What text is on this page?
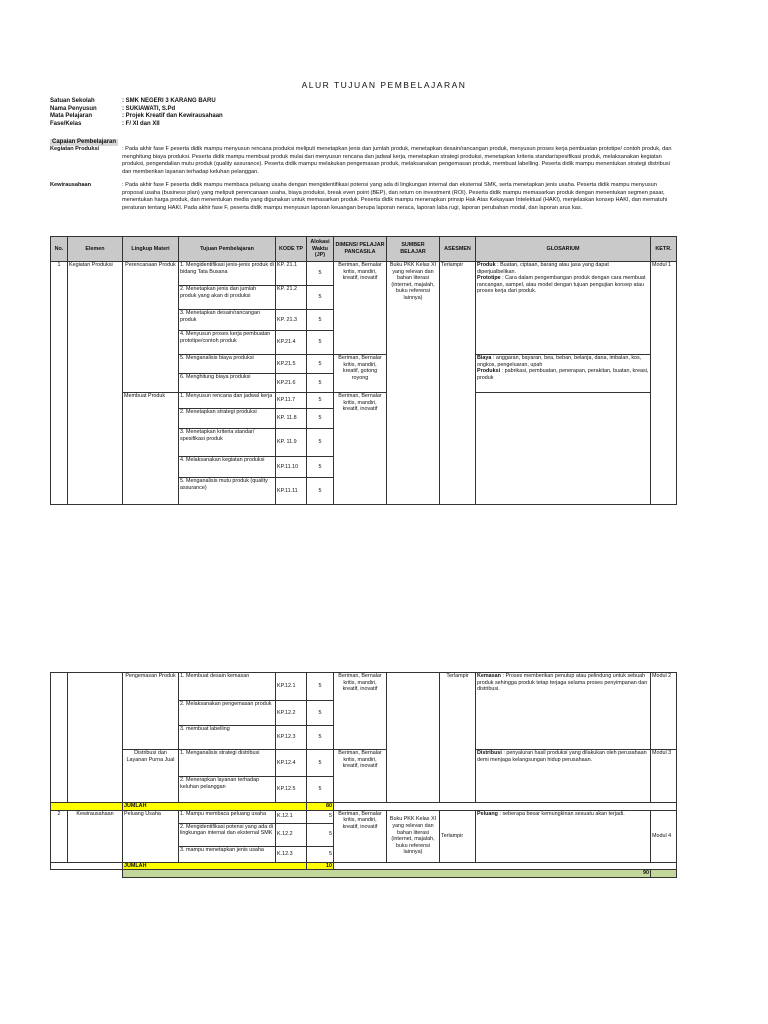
ALUR TUJUAN PEMBELAJARAN
Satuan Sekolah	: SMK NEGERI 3 KARANG BARU
Nama Penyusun	: SUKIAWATI, S.Pd
Mata Pelajaran	: Projek Kreatif dan Kewirausahaan
Fase/Kelas	: F/ XI dan XII
Capaian Pembelajaran
Kegiatan Produksi	: Pada akhir fase F peserta didik mampu menyusun rencana produksi meliputi menetapkan jenis dan jumlah produk, menetapkan desain/rancangan produk, menyusun proses kerja pembuatan prototipe/ contoh produk, dan menghitung biaya produksi. Peserta didik mampu membuat produk mulai dari menyusun rencana dan jadwal kerja, menetapkan strategi produksi, menetapkan kriteria standar/spesifikasi produk, melaksanakan kegiatan produksi, pengendalian mutu produk (quality assurance). Peserta didik mampu melakukan pengemasan produk, melaksanakan pengemasan produk, membuat labelling. Peserta didik mampu menentukan strategi distribusi dan memberikan layanan terhadap keluhan pelanggan.
Kewirausahaan	: Pada akhir fase F peserta didik mampu membaca peluang usaha dengan mengidentifikasi potensi yang ada di lingkungan internal dan eksternal SMK, serta menetapkan jenis usaha. Peserta didik mampu menyusun proposal usaha (business plan) yang meliputi perencanaan usaha, biaya produksi, break even point (BEP), dan return on investment (ROI). Peserta didik mampu memasarkan produk dengan menentukan segmen pasar, menentukan harga produk, dan menentukan media yang digunakan untuk memasarkan produk. Peserta didik mampu menerapkan prinsip Hak Atas Kekayaan Intelektual (HAKI), menjelaskan konsep HAKI, dan mematuhi peraturan tentang HAKI. Pada akhir fase F, peserta didik mampu menyusun laporan keuangan berupa laporan neraca, laporan laba rugi, laporan perubahan modal, dan laporan arus kas.
No.	Elemen	Lingkup Materi	Tujuan Pembelajaran	KODE TP	Alokasi Waktu (JP)	DIMENSI PELAJAR PANCASILA	SUMBER BELAJAR	ASESMEN	GLOSARIUM	KETR.
1	Kegiatan Produksi	Perencanaan Produk	1. Mengidentifikasi jenis-jenis produk di bidang Tata Busana	KP. 21.1	5	Beriman, Bernalar kritis, mandiri, kreatif, inovatif	Buku PKK Kelas XI yang relevan dan bahan literasi (internet, majalah, buku referensi lainnya)	Terlampir	Produk : Buatan, ciptaan, barang atau jasa yang dapat diperjualbelikan.
Prototipe : Cara dalam pengembangan produk dengan cara membuat rancangan, sampel, atau model dengan tujuan pengujian konsep atau proses kerja dari produk.	Modul 1
			2. Menetapkan jenis dan jumlah produk yang akan di produksi	KP. 21.2	5					
			3. Menetapkan desain/rancangan produk	KP. 21.3	5					
			4. Menyusun proses kerja pembuatan prototipe/contoh produk	KP.21.4	5					
			5. Menganalisis biaya produksi	KP.21.5	5	Beriman, Bernalar kritis, mandiri, kreatif, gotong royong			Biaya : anggaran, bayaran, bea, beban, belanja, dana, imbalan, kos, ongkos, pengeluaran, upah
Produksi : pabrikasi, pembuatan, penerapan, perakitan, buatan, kreasi, produk	
			6. Menghitung biaya produksi	KP.21.6	5					
		Membuat Produk	1. Menyusun rencana dan jadwal kerja	KP.11.7	5	Beriman, Bernalar kritis, mandiri, kreatif, inovatif				
			2. Menetapkan strategi produksi	KP. 11.8	5					
			3. Menetapkan kriteria standar/ spesifikasi produk	KP. 11.9	5					
			4. Melaksanakan kegiatan produksi	KP.11.10	5					
			5. Menganalisis mutu produk (quality assurance)	KP.11.11	5					
		Pengemasan Produk	1. Membuat desain kemasan	KP.12.1	5	Beriman, Bernalar kritis, mandiri, kreatif, inovatif		Terlampir	Kemasan : Proses memberikan penutup atau pelindung untuk sebuah produk sehingga produk tetap terjaga selama proses penyimpanan dan distribusi.	Modul 2
			2. Melaksanakan pengemasan produk	KP.12.2	5					
			3. membuat labelling	KP.12.3	5					
		Distribusi dan Layanan Purna Jual	1. Menganalisis strategi distribusi	KP.12.4	5	Beriman, Bernalar kritis, mandiri, kreatif, inovatif			Distribusi : penyaluran hasil produksi yang dilakukan oleh perusahaan demi menjaga kelangsungan hidup perusahaan.	Modul 3
			2. Menerapkan layanan terhadap keluhan pelanggan	KP.12.5	5					
		JUMLAH			80					
2	Kewirausahaan	Peluang Usaha	1. Mampu membaca peluang usaha	K.12.1	5	Beriman, Bernalar kritis, mandiri, kreatif, inovatif	Buku PKK Kelas XI yang relevan dan bahan literasi (internet, majalah, buku referensi lainnya)	Terlampir	Peluang : seberapa besar kemungkinan sesuatu akan terjadi.	Modul 4
			2. Mengidentifikasi potensi yang ada di lingkungan internal dan eksternal SMK	K.12.2	5					
			3. mampu menetapkan jenis usaha	K.12.3	5					
		JUMLAH			10					
		90								
